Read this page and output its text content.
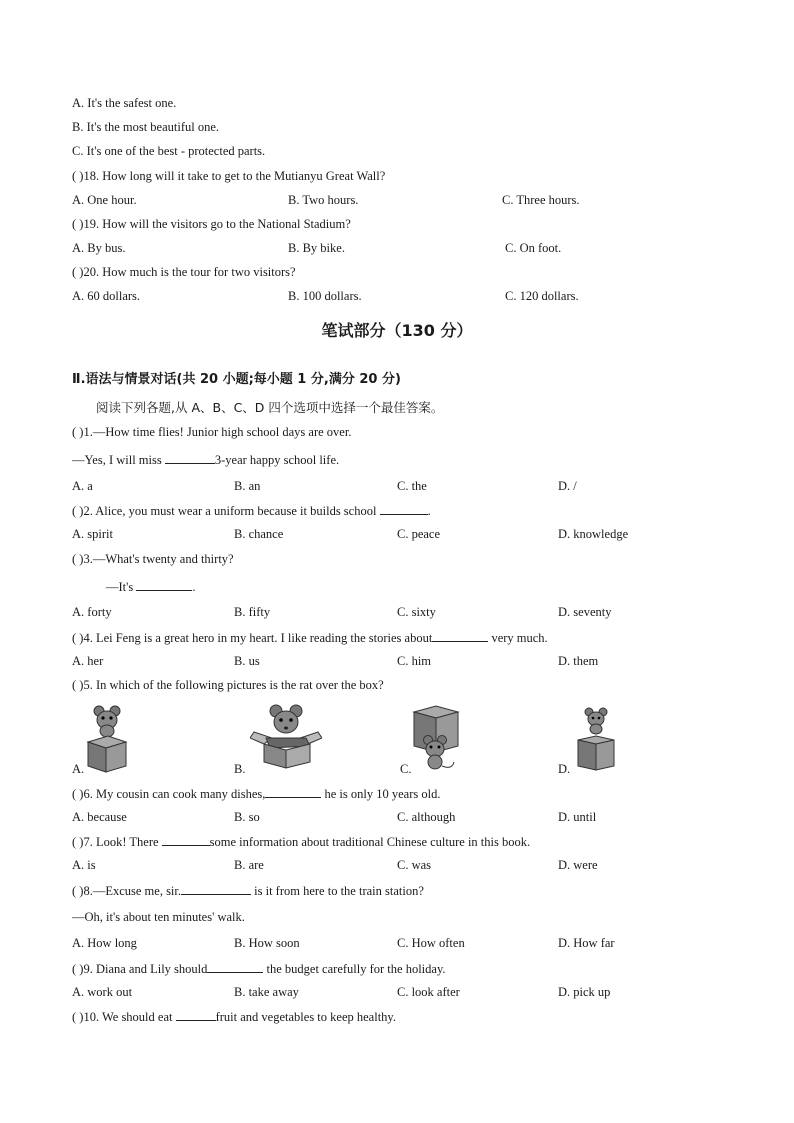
A. It's the safest one.
B. It's the most beautiful one.
C. It's one of the best - protected parts.
( )18. How long will it take to get to the Mutianyu Great Wall?
A. One hour.	B. Two hours.	C. Three hours.
( )19. How will the visitors go to the National Stadium?
A. By bus.	B. By bike.	C. On foot.
( )20. How much is the tour for two visitors?
A. 60 dollars.	B. 100 dollars.	C. 120 dollars.
笔试部分（130 分）
Ⅱ.语法与情景对话(共 20 小题;每小题 1 分,满分 20 分)
阅读下列各题,从 A、B、C、D 四个选项中选择一个最佳答案。
( )1.—How time flies! Junior high school days are over.
—Yes, I will miss	3-year happy school life.
A. a	B. an	C. the	D. /
( )2. Alice, you must wear a uniform because it builds school	.
A. spirit	B. chance	C. peace	D. knowledge
( )3.—What's twenty and thirty?
—It's	.
A. forty	B. fifty	C. sixty	D. seventy
( )4. Lei Feng is a great hero in my heart. I like reading the stories about	very much.
A. her	B. us	C. him	D. them
( )5. In which of the following pictures is the rat over the box?
A.	B.	C.	D.
( )6. My cousin can cook many dishes,	he is only 10 years old.
A. because	B. so	C. although	D. until
( )7. Look! There	some information about traditional Chinese culture in this book.
A. is	B. are	C. was	D. were
( )8.—Excuse me, sir.	is it from here to the train station?
—Oh, it's about ten minutes' walk.
A. How long	B. How soon	C. How often	D. How far
( )9. Diana and Lily should	the budget carefully for the holiday.
A. work out	B. take away	C. look after	D. pick up
( )10. We should eat	fruit and vegetables to keep healthy.
